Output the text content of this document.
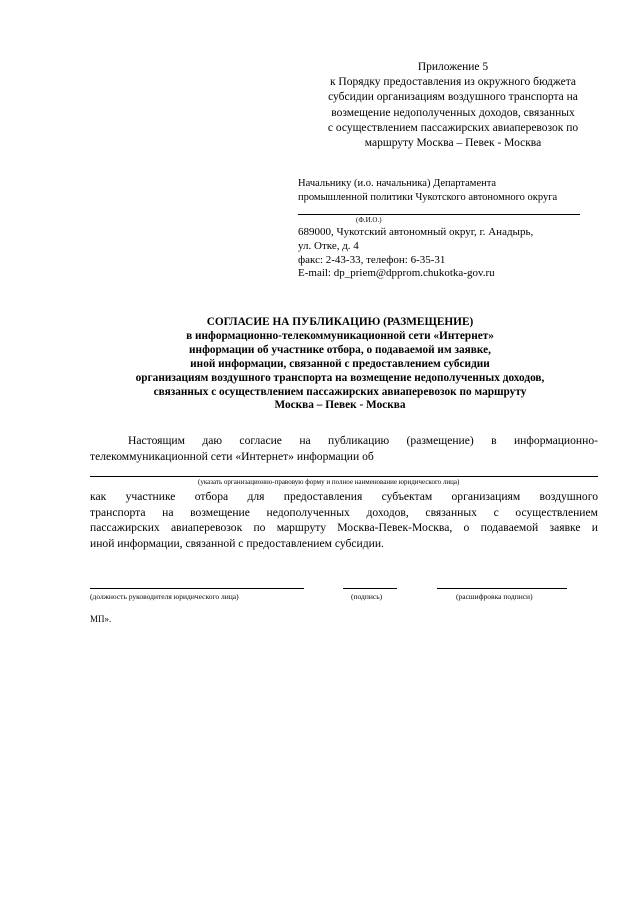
Приложение 5
к Порядку предоставления из окружного бюджета
субсидии организациям воздушного транспорта на
возмещение недополученных доходов, связанных
с осуществлением пассажирских авиаперевозок по
маршруту Москва – Певек - Москва
Начальнику (и.о. начальника) Департамента
промышленной политики Чукотского автономного округа
(Ф.И.О.)
689000, Чукотский автономный округ, г. Анадырь,
ул. Отке, д. 4
факс: 2-43-33, телефон: 6-35-31
E-mail: dp_priem@dpprom.chukotka-gov.ru
СОГЛАСИЕ НА ПУБЛИКАЦИЮ (РАЗМЕЩЕНИЕ)
в информационно-телекоммуникационной сети «Интернет»
информации об участнике отбора, о подаваемой им заявке,
иной информации, связанной с предоставлением субсидии
организациям воздушного транспорта на возмещение недополученных доходов,
связанных с осуществлением пассажирских авиаперевозок по маршруту
Москва – Певек - Москва
Настоящим даю согласие на публикацию (размещение) в информационно-
телекоммуникационной сети «Интернет» информации об
(указать организационно-правовую форму и полное наименование юридического лица)
как участнике отбора для предоставления субъектам организациям воздушного
транспорта на возмещение недополученных доходов, связанных с осуществлением
пассажирских авиаперевозок по маршруту Москва-Певек-Москва, о подаваемой заявке и
иной информации, связанной с предоставлением субсидии.
(должность руководителя юридического лица)	(подпись)	(расшифровка подписи)
МП».
